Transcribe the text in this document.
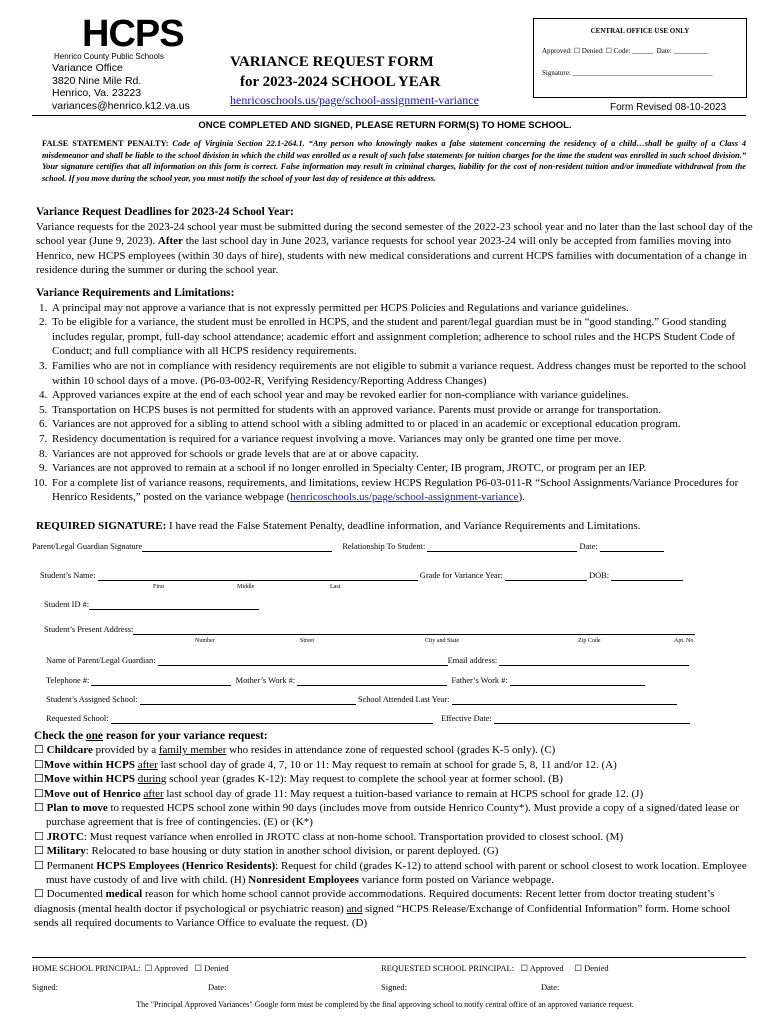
HCPS
Henrico County Public Schools
Variance Office
3820 Nine Mile Rd.
Henrico, Va. 23223
variances@henrico.k12.va.us
VARIANCE REQUEST FORM
for 2023-2024 SCHOOL YEAR
henricoschools.us/page/school-assignment-variance
CENTRAL OFFICE USE ONLY
Approved: ☐ Denied: ☐ Code: ______ Date: __________
Signature: ________________________________________
Form Revised 08-10-2023
ONCE COMPLETED AND SIGNED, PLEASE RETURN FORM(S) TO HOME SCHOOL.
FALSE STATEMENT PENALTY: Code of Virginia Section 22.1-264.1. “Any person who knowingly makes a false statement concerning the residency of a child…shall be guilty of a Class 4 misdemeanor and shall be liable to the school division in which the child was enrolled as a result of such false statements for tuition charges for the time the student was enrolled in such school division.” Your signature certifies that all information on this form is correct. False information may result in criminal charges, liability for the cost of non-resident tuition and/or immediate withdrawal from the school. If you move during the school year, you must notify the school of your last day of residence at this address.
Variance Request Deadlines for 2023-24 School Year:
Variance requests for the 2023-24 school year must be submitted during the second semester of the 2022-23 school year and no later than the last school day of the school year (June 9, 2023). After the last school day in June 2023, variance requests for school year 2023-24 will only be accepted from families moving into Henrico, new HCPS employees (within 30 days of hire), students with new medical considerations and current HCPS families with documentation of a change in residence during the summer or during the school year.
Variance Requirements and Limitations:
1. A principal may not approve a variance that is not expressly permitted per HCPS Policies and Regulations and variance guidelines.
2. To be eligible for a variance, the student must be enrolled in HCPS, and the student and parent/legal guardian must be in “good standing.” Good standing includes regular, prompt, full-day school attendance; academic effort and assignment completion; adherence to school rules and the HCPS Student Code of Conduct; and full compliance with all HCPS residency requirements.
3. Families who are not in compliance with residency requirements are not eligible to submit a variance request. Address changes must be reported to the school within 10 school days of a move. (P6-03-002-R, Verifying Residency/Reporting Address Changes)
4. Approved variances expire at the end of each school year and may be revoked earlier for non-compliance with variance guidelines.
5. Transportation on HCPS buses is not permitted for students with an approved variance. Parents must provide or arrange for transportation.
6. Variances are not approved for a sibling to attend school with a sibling admitted to or placed in an academic or exceptional education program.
7. Residency documentation is required for a variance request involving a move. Variances may only be granted one time per move.
8. Variances are not approved for schools or grade levels that are at or above capacity.
9. Variances are not approved to remain at a school if no longer enrolled in Specialty Center, IB program, JROTC, or program per an IEP.
10. For a complete list of variance reasons, requirements, and limitations, review HCPS Regulation P6-03-011-R “School Assignments/Variance Procedures for Henrico Residents,” posted on the variance webpage (henricoschools.us/page/school-assignment-variance).
REQUIRED SIGNATURE: I have read the False Statement Penalty, deadline information, and Variance Requirements and Limitations.
Parent/Legal Guardian Signature	Relationship To Student:	Date:
Student’s Name:	Grade for Variance Year:	DOB:
First	Middle	Last
Student ID #:
Student’s Present Address:
Number	Street	City and State	Zip Code	Apt. No.
Name of Parent/Legal Guardian:	Email address:
Telephone #:	Mother’s Work #:	Father’s Work #:
Student’s Assigned School:	School Attended Last Year:
Requested School:	Effective Date:

Check the one reason for your variance request:

☐ Childcare provided by a family member who resides in attendance zone of requested school (grades K-5 only). (C)

☐Move within HCPS after last school day of grade 4, 7, 10 or 11: May request to remain at school for grade 5, 8, 11 and/or 12. (A)

☐Move within HCPS during school year (grades K-12): May request to complete the school year at former school. (B)

☐Move out of Henrico after last school day of grade 11: May request a tuition-based variance to remain at HCPS school for grade 12. (J)

☐ Plan to move to requested HCPS school zone within 90 days (includes move from outside Henrico County*). Must provide a copy of a signed/dated lease or purchase agreement that is free of contingencies. (E) or (K*)

☐ JROTC: Must request variance when enrolled in JROTC class at non-home school. Transportation provided to closest school. (M)

☐ Military: Relocated to base housing or duty station in another school division, or parent deployed. (G)

☐ Permanent HCPS Employees (Henrico Residents): Request for child (grades K-12) to attend school with parent or school closest to work location. Employee must have custody of and live with child. (H) Nonresident Employees variance form posted on Variance webpage.

☐ Documented medical reason for which home school cannot provide accommodations. Required documents: Recent letter from doctor treating student’s diagnosis (mental health doctor if psychological or psychiatric reason) and signed “HCPS Release/Exchange of Confidential Information” form. Home school sends all required documents to Variance Office to evaluate the request. (D)

HOME SCHOOL PRINCIPAL: ☐ Approved ☐ Denied	REQUESTED SCHOOL PRINCIPAL: ☐ Approved ☐ Denied
Signed:	Date:	Signed:	Date:
The "Principal Approved Variances" Google form must be completed by the final approving school to notify central office of an approved variance request.
